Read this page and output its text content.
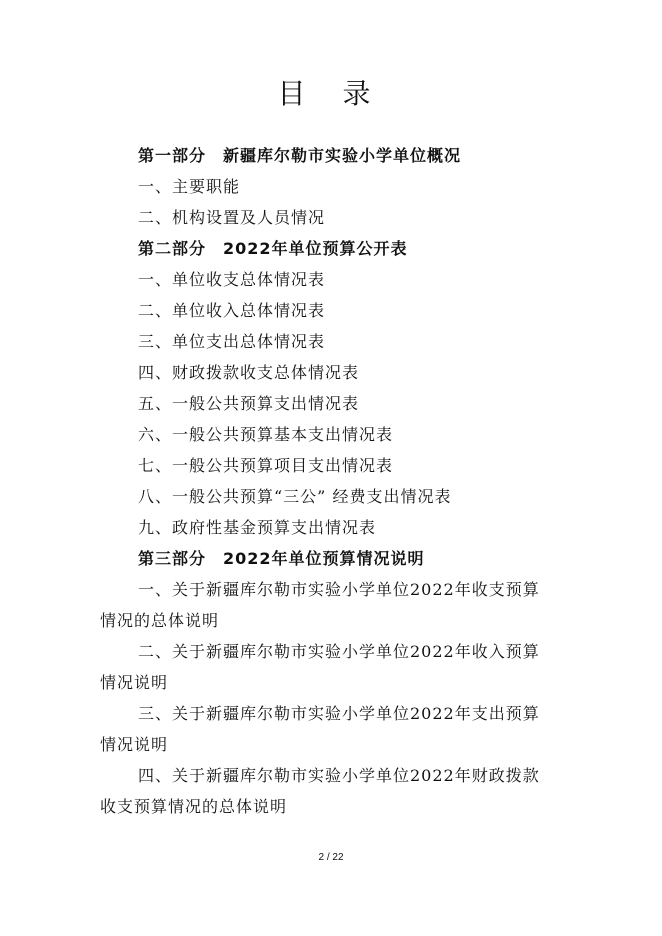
目 录
第一部分　新疆库尔勒市实验小学单位概况
一、主要职能
二、机构设置及人员情况
第二部分　2022年单位预算公开表
一、单位收支总体情况表
二、单位收入总体情况表
三、单位支出总体情况表
四、财政拨款收支总体情况表
五、一般公共预算支出情况表
六、一般公共预算基本支出情况表
七、一般公共预算项目支出情况表
八、一般公共预算“三公” 经费支出情况表
九、政府性基金预算支出情况表
第三部分　2022年单位预算情况说明
一、关于新疆库尔勒市实验小学单位2022年收支预算
情况的总体说明
二、关于新疆库尔勒市实验小学单位2022年收入预算
情况说明
三、关于新疆库尔勒市实验小学单位2022年支出预算
情况说明
四、关于新疆库尔勒市实验小学单位2022年财政拨款
收支预算情况的总体说明
2 / 22
